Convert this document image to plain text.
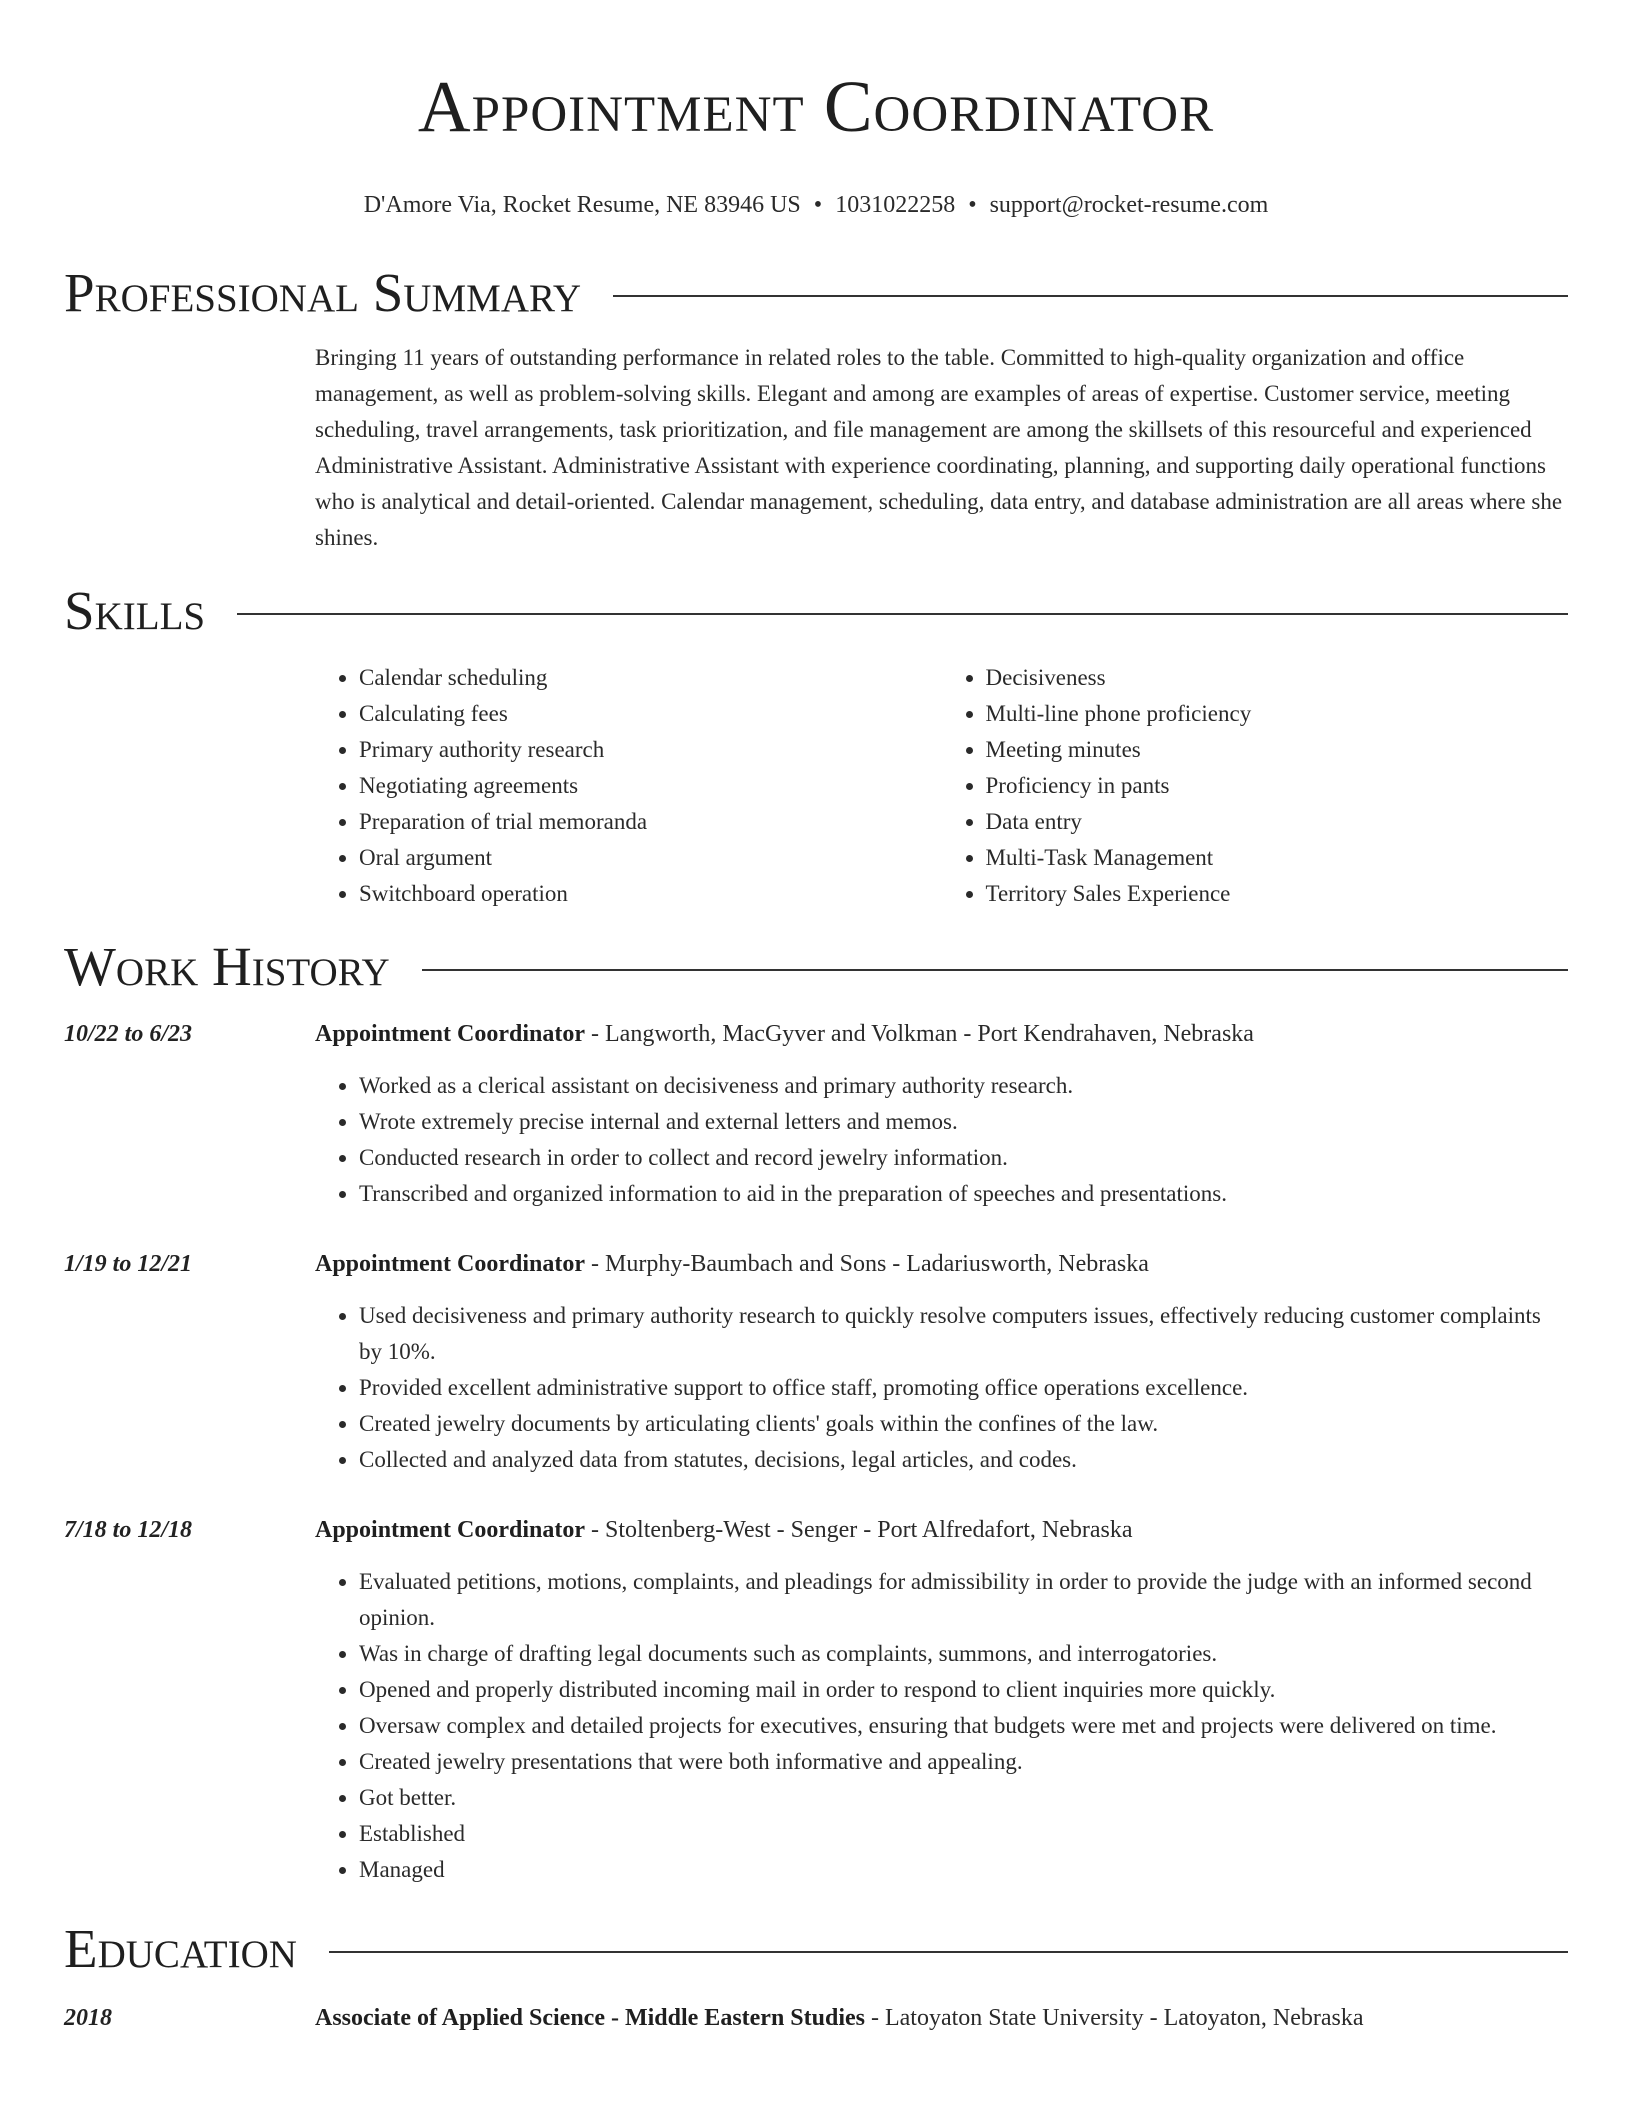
Appointment Coordinator
D'Amore Via, Rocket Resume, NE 83946 US • 1031022258 • support@rocket-resume.com
Professional Summary
Bringing 11 years of outstanding performance in related roles to the table. Committed to high-quality organization and office management, as well as problem-solving skills. Elegant and among are examples of areas of expertise. Customer service, meeting scheduling, travel arrangements, task prioritization, and file management are among the skillsets of this resourceful and experienced Administrative Assistant. Administrative Assistant with experience coordinating, planning, and supporting daily operational functions who is analytical and detail-oriented. Calendar management, scheduling, data entry, and database administration are all areas where she shines.
Skills
• Calendar scheduling
• Calculating fees
• Primary authority research
• Negotiating agreements
• Preparation of trial memoranda
• Oral argument
• Switchboard operation
• Decisiveness
• Multi-line phone proficiency
• Meeting minutes
• Proficiency in pants
• Data entry
• Multi-Task Management
• Territory Sales Experience
Work History
10/22 to 6/23	Appointment Coordinator - Langworth, MacGyver and Volkman - Port Kendrahaven, Nebraska
• Worked as a clerical assistant on decisiveness and primary authority research.
• Wrote extremely precise internal and external letters and memos.
• Conducted research in order to collect and record jewelry information.
• Transcribed and organized information to aid in the preparation of speeches and presentations.
1/19 to 12/21	Appointment Coordinator - Murphy-Baumbach and Sons - Ladariusworth, Nebraska
• Used decisiveness and primary authority research to quickly resolve computers issues, effectively reducing customer complaints by 10%.
• Provided excellent administrative support to office staff, promoting office operations excellence.
• Created jewelry documents by articulating clients' goals within the confines of the law.
• Collected and analyzed data from statutes, decisions, legal articles, and codes.
7/18 to 12/18	Appointment Coordinator - Stoltenberg-West - Senger - Port Alfredafort, Nebraska
• Evaluated petitions, motions, complaints, and pleadings for admissibility in order to provide the judge with an informed second opinion.
• Was in charge of drafting legal documents such as complaints, summons, and interrogatories.
• Opened and properly distributed incoming mail in order to respond to client inquiries more quickly.
• Oversaw complex and detailed projects for executives, ensuring that budgets were met and projects were delivered on time.
• Created jewelry presentations that were both informative and appealing.
• Got better.
• Established
• Managed
Education
2018	Associate of Applied Science - Middle Eastern Studies - Latoyaton State University - Latoyaton, Nebraska
